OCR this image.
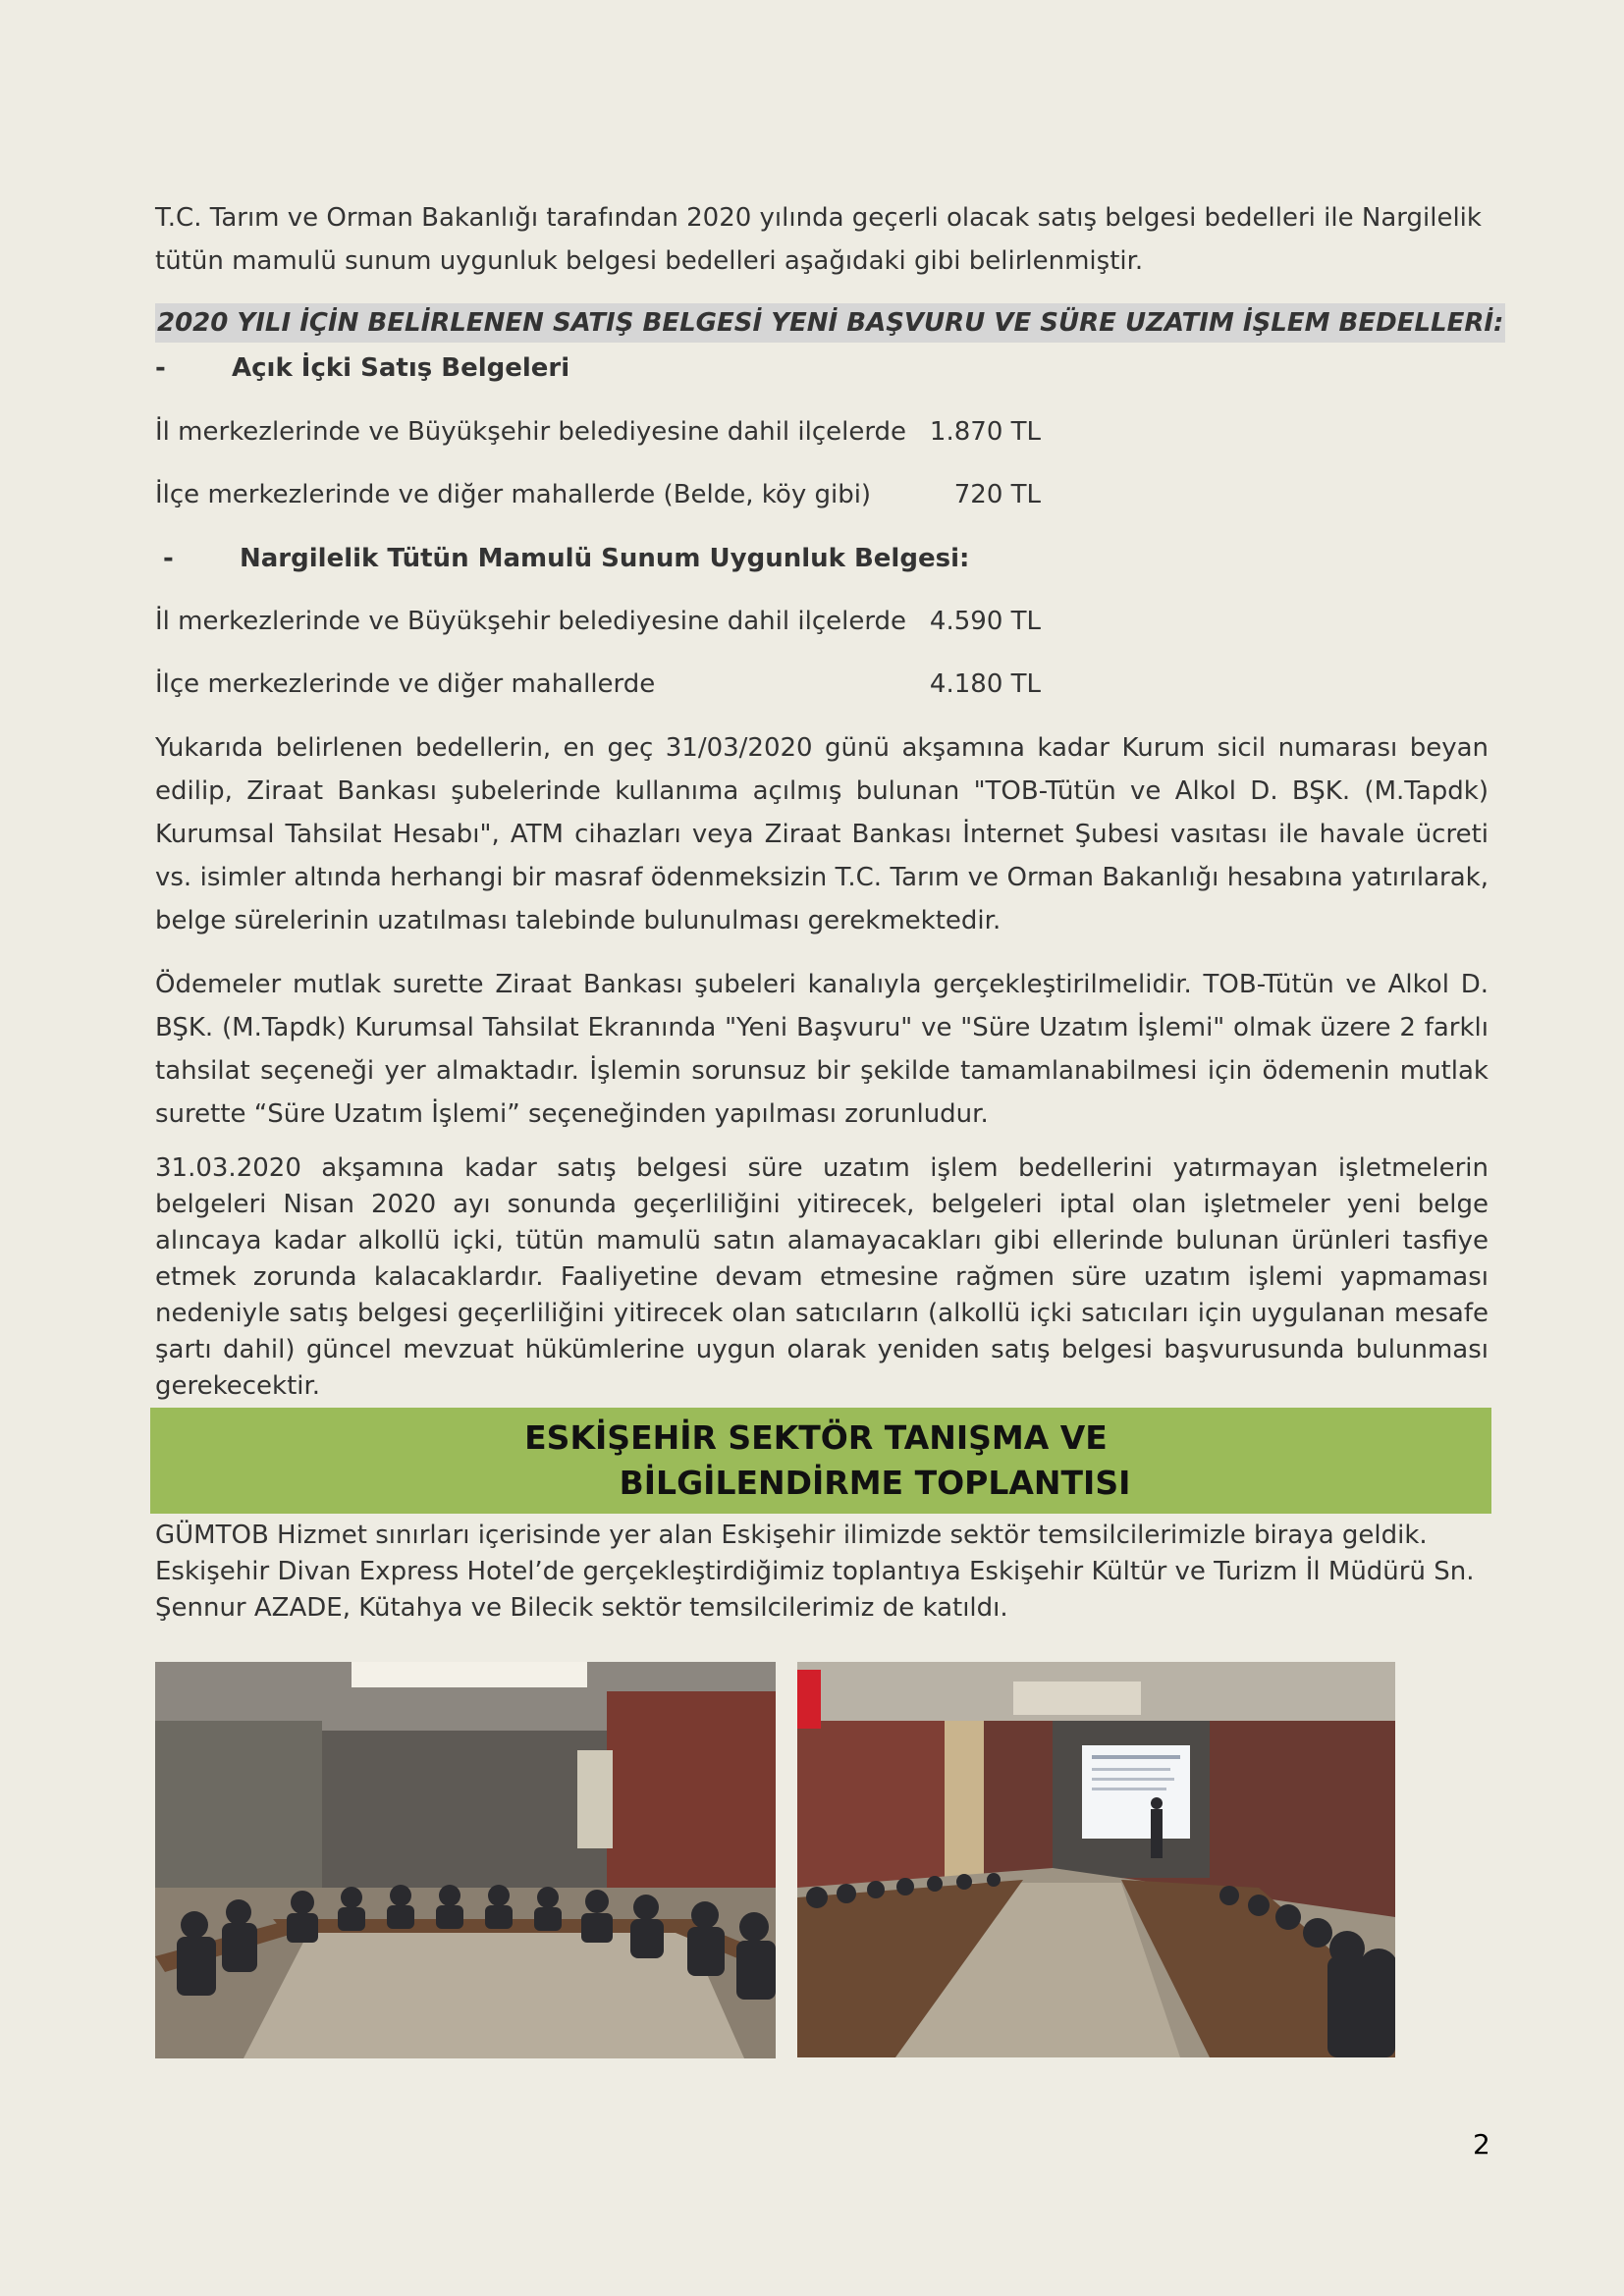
T.C. Tarım ve Orman Bakanlığı tarafından 2020 yılında geçerli olacak satış belgesi bedelleri ile Nargilelik tütün mamulü sunum uygunluk belgesi bedelleri aşağıdaki gibi belirlenmiştir.

2020 YILI İÇİN BELİRLENEN SATIŞ BELGESİ YENİ BAŞVURU VE SÜRE UZATIM İŞLEM BEDELLERİ:

-	Açık İçki Satış Belgeleri

İl merkezlerinde ve Büyükşehir belediyesine dahil ilçelerde 1.870 TL
İlçe merkezlerinde ve diğer mahallerde (Belde, köy gibi)	720 TL

-	Nargilelik Tütün Mamulü Sunum Uygunluk Belgesi:

İl merkezlerinde ve Büyükşehir belediyesine dahil ilçelerde 4.590 TL
İlçe merkezlerinde ve diğer mahallerde	4.180 TL

Yukarıda belirlenen bedellerin, en geç 31/03/2020 günü akşamına kadar Kurum sicil numarası beyan edilip, Ziraat Bankası şubelerinde kullanıma açılmış bulunan "TOB-Tütün ve Alkol D. BŞK. (M.Tapdk) Kurumsal Tahsilat Hesabı", ATM cihazları veya Ziraat Bankası İnternet Şubesi vasıtası ile havale ücreti vs. isimler altında herhangi bir masraf ödenmeksizin T.C. Tarım ve Orman Bakanlığı hesabına yatırılarak, belge sürelerinin uzatılması talebinde bulunulması gerekmektedir.

Ödemeler mutlak surette Ziraat Bankası şubeleri kanalıyla gerçekleştirilmelidir. TOB-Tütün ve Alkol D. BŞK. (M.Tapdk) Kurumsal Tahsilat Ekranında "Yeni Başvuru" ve "Süre Uzatım İşlemi" olmak üzere 2 farklı tahsilat seçeneği yer almaktadır. İşlemin sorunsuz bir şekilde tamamlanabilmesi için ödemenin mutlak surette “Süre Uzatım İşlemi” seçeneğinden yapılması zorunludur.

31.03.2020 akşamına kadar satış belgesi süre uzatım işlem bedellerini yatırmayan işletmelerin belgeleri Nisan 2020 ayı sonunda geçerliliğini yitirecek, belgeleri iptal olan işletmeler yeni belge alıncaya kadar alkollü içki, tütün mamulü satın alamayacakları gibi ellerinde bulunan ürünleri tasfiye etmek zorunda kalacaklardır. Faaliyetine devam etmesine rağmen süre uzatım işlemi yapmaması nedeniyle satış belgesi geçerliliğini yitirecek olan satıcıların (alkollü içki satıcıları için uygulanan mesafe şartı dahil) güncel mevzuat hükümlerine uygun olarak yeniden satış belgesi başvurusunda bulunması gerekecektir.

ESKİŞEHİR SEKTÖR TANIŞMA VE
BİLGİLENDİRME TOPLANTISI

GÜMTOB Hizmet sınırları içerisinde yer alan Eskişehir ilimizde sektör temsilcilerimizle biraya geldik. Eskişehir Divan Express Hotel’de gerçekleştirdiğimiz toplantıya Eskişehir Kültür ve Turizm İl Müdürü Sn. Şennur AZADE, Kütahya ve Bilecik sektör temsilcilerimiz de katıldı.

2
